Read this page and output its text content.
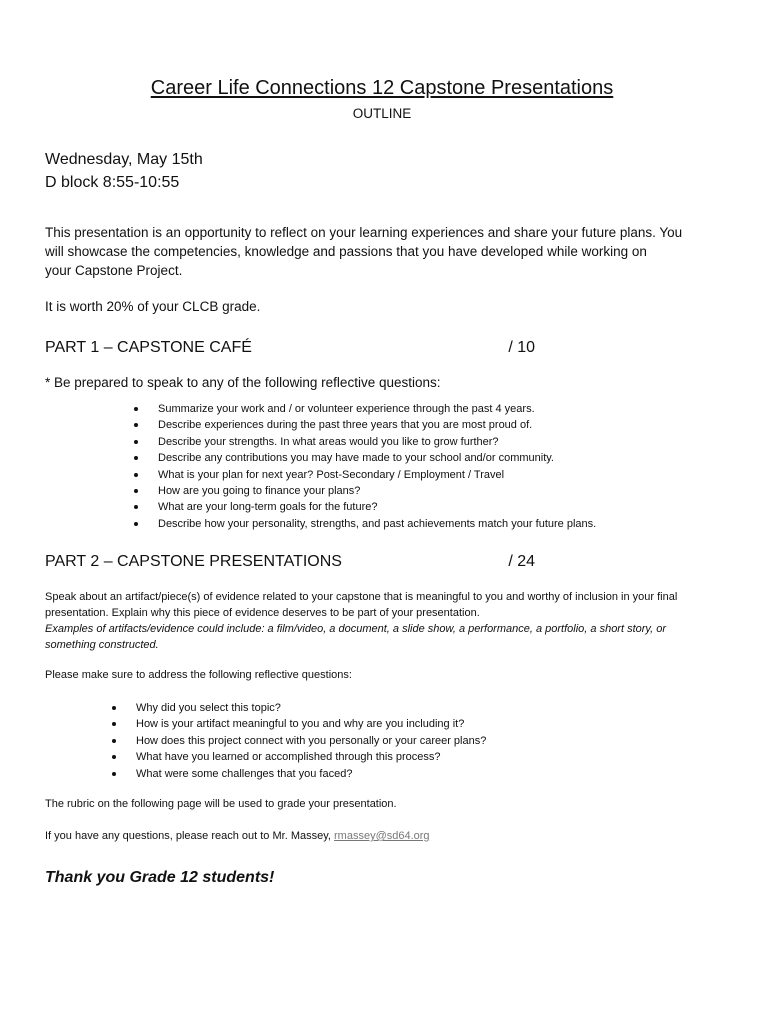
Career Life Connections 12 Capstone Presentations
OUTLINE
Wednesday, May 15th
D block 8:55-10:55
This presentation is an opportunity to reflect on your learning experiences and share your future plans. You
will showcase the competencies, knowledge and passions that you have developed while working on
your Capstone Project.
It is worth 20% of your CLCB grade.
PART 1 – CAPSTONE CAFÉ	/ 10
* Be prepared to speak to any of the following reflective questions:
Summarize your work and / or volunteer experience through the past 4 years.
Describe experiences during the past three years that you are most proud of.
Describe your strengths. In what areas would you like to grow further?
Describe any contributions you may have made to your school and/or community.
What is your plan for next year? Post-Secondary / Employment / Travel
How are you going to finance your plans?
What are your long-term goals for the future?
Describe how your personality, strengths, and past achievements match your future plans.
PART 2 – CAPSTONE PRESENTATIONS	/ 24
Speak about an artifact/piece(s) of evidence related to your capstone that is meaningful to you and worthy of inclusion in your final
presentation. Explain why this piece of evidence deserves to be part of your presentation.
Examples of artifacts/evidence could include: a film/video, a document, a slide show, a performance, a portfolio, a short story, or
something constructed.
Please make sure to address the following reflective questions:
Why did you select this topic?
How is your artifact meaningful to you and why are you including it?
How does this project connect with you personally or your career plans?
What have you learned or accomplished through this process?
What were some challenges that you faced?
The rubric on the following page will be used to grade your presentation.
If you have any questions, please reach out to Mr. Massey, rmassey@sd64.org
Thank you Grade 12 students!
